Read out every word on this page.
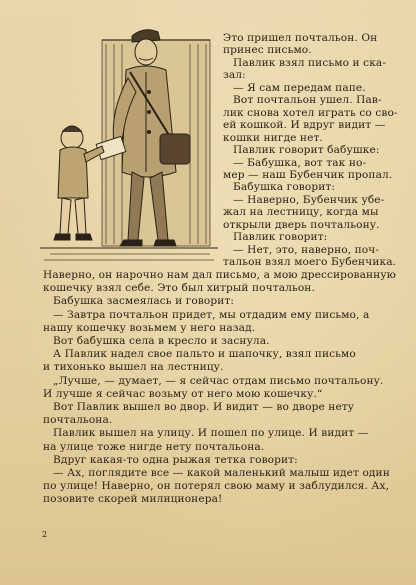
Это пришел почтальон. Он
принес письмо.
Павлик взял письмо и ска-
зал:
— Я сам передам папе.
Вот почтальон ушел. Пав-
лик снова хотел играть со сво-
ей кошкой. И вдруг видит —
кошки нигде нет.
Павлик говорит бабушке:
— Бабушка, вот так но-
мер — наш Бубенчик пропал.
Бабушка говорит:
— Наверно, Бубенчик убе-
жал на лестницу, когда мы
открыли дверь почтальону.
Павлик говорит:
— Нет, это, наверно, поч-
тальон взял моего Бубенчика.
Наверно, он нарочно нам дал письмо, а мою дрессированную
кошечку взял себе. Это был хитрый почтальон.
Бабушка засмеялась и говорит:
— Завтра почтальон придет, мы отдадим ему письмо, а
нашу кошечку возьмем у него назад.
Вот бабушка села в кресло и заснула.
А Павлик надел свое пальто и шапочку, взял письмо
и тихонько вышел на лестницу.
„Лучше, — думает, — я сейчас отдам письмо почтальону.
И лучше я сейчас возьму от него мою кошечку.“
Вот Павлик вышел во двор. И видит — во дворе нету
почтальона.
Павлик вышел на улицу. И пошел по улице. И видит —
на улице тоже нигде нету почтальона.
Вдруг какая-то одна рыжая тетка говорит:
— Ах, поглядите все — какой маленький малыш идет один
по улице! Наверно, он потерял свою маму и заблудился. Ах,
позовите скорей милиционера!
2
